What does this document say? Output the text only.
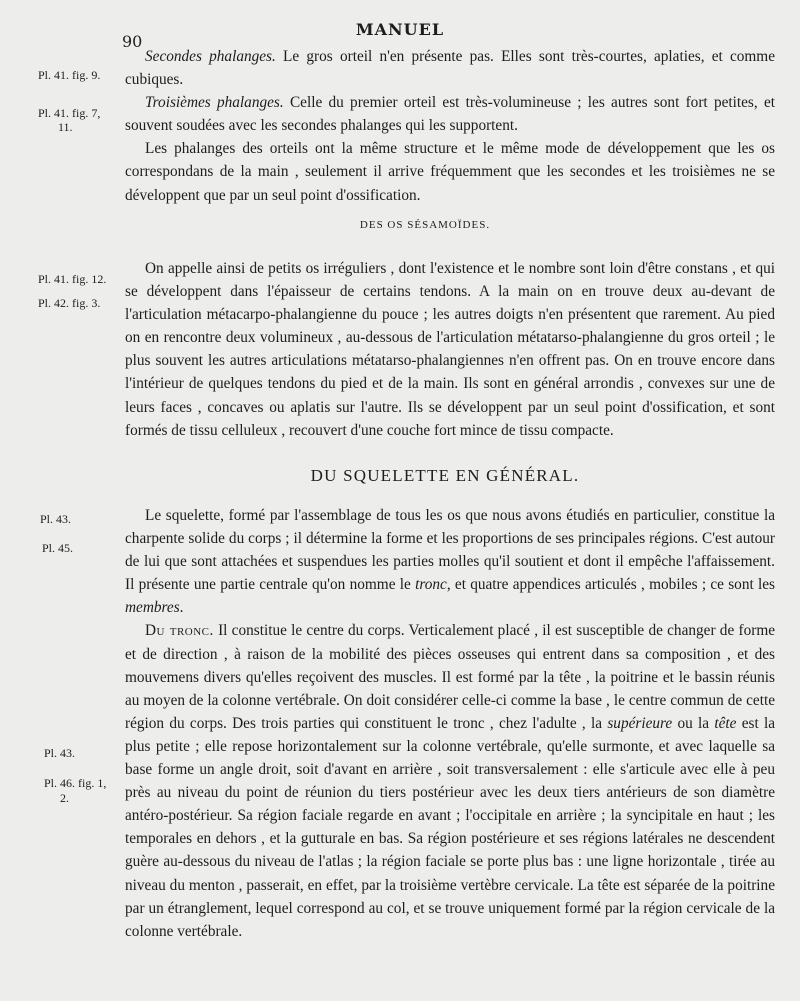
90
MANUEL
Pl. 41. fig. 9.
Pl. 41. fig. 7,
11.
Pl. 41. fig. 12.
Pl. 42. fig. 3.
Pl. 43.
Pl. 45.
Pl. 43.
Pl. 46. fig. 1,
2.

Secondes phalanges. Le gros orteil n'en présente pas. Elles sont très-courtes, aplaties, et comme cubiques.

Troisièmes phalanges. Celle du premier orteil est très-volumineuse ; les autres sont fort petites, et souvent soudées avec les secondes phalanges qui les supportent.

Les phalanges des orteils ont la même structure et le même mode de développement que les os correspondans de la main , seulement il arrive fréquemment que les secondes et les troisièmes ne se développent que par un seul point d'ossification.

DES OS SÉSAMOÏDES.

On appelle ainsi de petits os irréguliers , dont l'existence et le nombre sont loin d'être constans , et qui se développent dans l'épaisseur de certains tendons. A la main on en trouve deux au-devant de l'articulation métacarpo-phalangienne du pouce ; les autres doigts n'en présentent que rarement. Au pied on en rencontre deux volumineux , au-dessous de l'articulation métatarso-phalangienne du gros orteil ; le plus souvent les autres articulations métatarso-phalangiennes n'en offrent pas. On en trouve encore dans l'intérieur de quelques tendons du pied et de la main. Ils sont en général arrondis , convexes sur une de leurs faces , concaves ou aplatis sur l'autre. Ils se développent par un seul point d'ossification, et sont formés de tissu celluleux , recouvert d'une couche fort mince de tissu compacte.

DU SQUELETTE EN GÉNÉRAL.

Le squelette, formé par l'assemblage de tous les os que nous avons étudiés en particulier, constitue la charpente solide du corps ; il détermine la forme et les proportions de ses principales régions. C'est autour de lui que sont attachées et suspendues les parties molles qu'il soutient et dont il empêche l'affaissement. Il présente une partie centrale qu'on nomme le tronc, et quatre appendices articulés , mobiles ; ce sont les membres.

Du tronc. Il constitue le centre du corps. Verticalement placé , il est susceptible de changer de forme et de direction , à raison de la mobilité des pièces osseuses qui entrent dans sa composition , et des mouvemens divers qu'elles reçoivent des muscles. Il est formé par la tête , la poitrine et le bassin réunis au moyen de la colonne vertébrale. On doit considérer celle-ci comme la base , le centre commun de cette région du corps. Des trois parties qui constituent le tronc , chez l'adulte , la supérieure ou la tête est la plus petite ; elle repose horizontalement sur la colonne vertébrale, qu'elle surmonte, et avec laquelle sa base forme un angle droit, soit d'avant en arrière , soit transversalement : elle s'articule avec elle à peu près au niveau du point de réunion du tiers postérieur avec les deux tiers antérieurs de son diamètre antéro-postérieur. Sa région faciale regarde en avant ; l'occipitale en arrière ; la syncipitale en haut ; les temporales en dehors , et la gutturale en bas. Sa région postérieure et ses régions latérales ne descendent guère au-dessous du niveau de l'atlas ; la région faciale se porte plus bas : une ligne horizontale , tirée au niveau du menton , passerait, en effet, par la troisième vertèbre cervicale. La tête est séparée de la poitrine par un étranglement, lequel correspond au col, et se trouve uniquement formé par la région cervicale de la colonne vertébrale.
